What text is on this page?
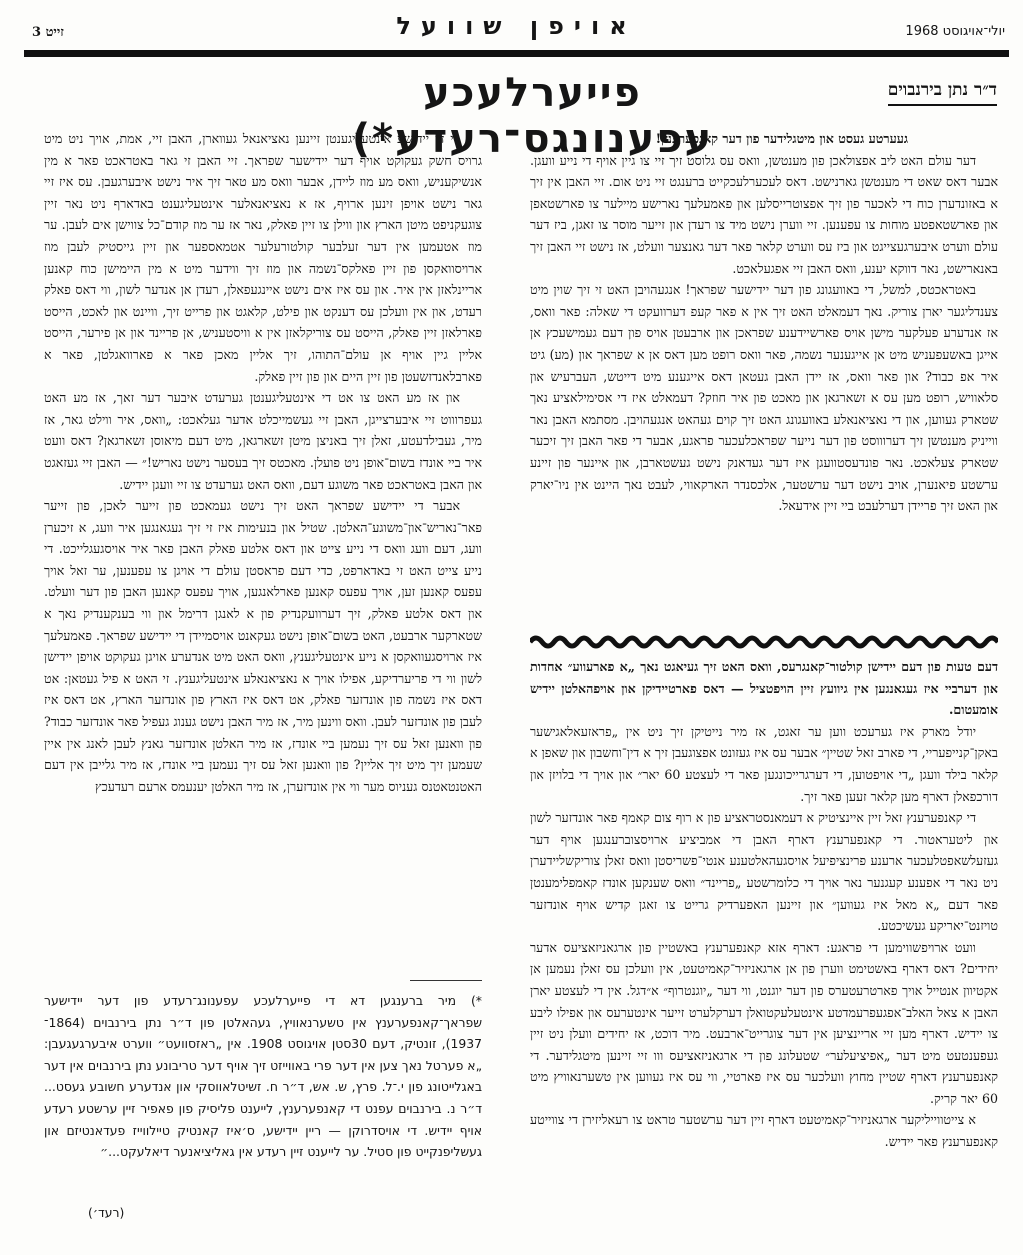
זייט 3	אויפן שוועל	יולי־אויגוסט 1968
ד״ר נתן בירנבוים
פייערלעכע עפענונגס־רעדע*)

געערטע געסט און מיטגלידער פון דער קאנפערענץ!

דער עולם האט ליב אפצולאכן פון מענטשן, וואס עס גלוסט זיך זיי צו גיין אויף די נייע וועגן. אבער דאס שאט די מענטשן גארנישט. דאס לעכערלעכקייט ברענגט זיי ניט אום. זיי האבן אין זיך א באזונדערן כוח די לאכער פון זיך אפצוטרייסלען און פאמעלעך נארישע מיילער צו פארשטאפן און פארשטאפטע מוחות צו עפענען. זיי ווערן נישט מיד צו רעדן און זייער מוסר צו זאגן, ביז דער עולם ווערט איבערגעצייגט און ביז עס ווערט קלאר פאר דער גאנצער וועלט, אז נישט זיי האבן זיך באנארישט, נאר דווקא יענע, וואס האבן זיי אפגעלאכט.

באטראכטס, למשל, די באוועגונג פון דער יידישער שפראך! אנגעהויבן האט זי זיך שוין מיט צענדליגער יארן צוריק. נאך דעמאלט האט זיך אין א פאר קעפ דערוועקט די שאלה: פאר וואס, אז אנדערע פעלקער מישן אויס פארשיידענע שפראכן און ארבעטן אויס פון דעם געמישעכץ אן אייגן באשעפעניש מיט אן אייגענער נשמה, פאר וואס רופט מען דאס אן א שפראך און (מע) גיט איר אפ כבוד? און פאר וואס, אז יידן האבן געטאן דאס אייגענע מיט דייטש, העברעיש און סלאוויש, רופט מען עס א זשארגאן און מאכט פון איר חוזק? דעמאלט איז די אסימילאציע נאך שטארק געווען, און די נאציאנאלע באוועגונג האט זיך קוים געהאט אנגעהויבן. מסתמא האבן נאר ווייניק מענטשן זיך דערוווסט פון דער נייער שפראכלעכער פראגע, אבער די פאר האבן זיך זיכער שטארק צעלאכט. נאר פונדעסטוועגן איז דער געדאנק נישט געשטארבן, און איינער פון זיינע ערשטע פיאנערן, אויב נישט דער ערשטער, אלכסנדר הארקאווי, לעבט נאך היינט אין ניו־יארק און האט זיך פריידן דערלעבט ביי זיין אידעאל.

דעם טעות פון דעם יידישן קולטור־קאנגרעס, וואס האט זיך געיאגט נאך „א פארעווע״ אחדות און דערביי איז געגאנגען אין גיוועץ זיין הויפטציל — דאס פארטיידיקן און אויפהאלטן יידיש אומעטום.

יודל מארק איז גערעכט ווען ער זאגט, אז מיר נייטיקן זיך ניט אין „פראזעאלאגישער באקן־קנייפעריי, די פארב זאל שטיין״ אבער עס איז געזונט אפצוגעבן זיך א דין־וחשבון און שאפן א קלאר בילד וועגן „די אויפטוען, די דערגרייכונגען פאר די לעצטע 60 יאר״ און אויך די בלויזן און דורכפאלן דארף מען קלאר זעען פאר זיך.

די קאנפערענץ זאל זיין איינציטיק א דעמאנסטראציע פון א רוף צום קאמף פאר אונדזער לשון און ליטעראטור. די קאנפערענץ דארף האבן די אמביציע ארויסצוברענגען אויף דער געזעלשאפטלעכער ארענע פרינציפיעל אויסגעהאלטענע אנטי־פשריסטן וואס זאלן צוריקשליידערן ניט נאר די אפענע קעגנער נאר אויך די כלומרשטע „פריינד״ וואס שענקען אונדז קאמפלימענטן פאר דעם „א מאל איז געווען״ און זיינען האפערדיק גרייט צו זאגן קדיש אויף אונדזער טויזנט־יאריקע געשיכטע.

וועט ארויפשווימען די פראגע: דארף אזא קאנפערענץ באשטיין פון ארגאניזאציעס אדער יחידים? דאס דארף באשטימט ווערן פון אן ארגאניזיר־קאמיטעט, אין וועלכן עס זאלן נעמען אן אקטיוון אנטייל אויך פארטרעטערס פון דער יוגנט, ווי דער „יוגנטרוף״ א״דגל. אין די לעצטע יארן האבן א צאל האלב־אפגעפרעמדטע אינטעלעקטואלן דערקלערט זייער אינטערעס און אפילו ליבע צו יידיש. דארף מען זיי אריינציען אין דער צוגרייט־ארבעט. מיר דוכט, אז יחידים וועלן ניט זיין געפענטעט מיט דער „אפיציעלער״ שטעלונג פון די ארגאניזאציעס ווו זיי זיינען מיטגלידער. די קאנפערענץ דארף שטיין מחוץ וועלכער עס איז פארטיי, ווי עס איז געווען אין טשערנאוויץ מיט 60 יאר קריק.

א צייטווייליקער ארגאניזיר־קאמיטעט דארף זיין דער ערשטער טראט צו רעאליזירן די צווייטע קאנפערענץ פאר יידיש.

ווי די יידישע אינטעליגענטן זיינען נאציאנאל געווארן, האבן זיי, אמת, אויך ניט מיט גרויס חשק געקוקט אויף דער יידישער שפראך. זיי האבן זי גאר באטראכט פאר א מין אנשיקעניש, וואס מע מוז ליידן, אבער וואס מע טאר זיך איר נישט איבערגעבן. עס איז זיי גאר נישט אויפן זינען ארויף, אז א נאציאנאלער אינטעליגענט באדארף ניט נאר זיין צוגעקניפט מיטן הארץ און ווילן צו זיין פאלק, נאר אז ער מוז קודם־כל צווישן אים לעבן. ער מוז אטעמען אין דער זעלבער קולטורעלער אטמאספער און זיין גייסטיק לעבן מוז ארויסוואקסן פון זיין פאלקס־נשמה און מוז זיך ווידער מיט א מין היימישן כוח קאנען אריינלאזן אין איר. און עס איז אים נישט איינגעפאלן, רעדן אן אנדער לשון, ווי דאס פאלק רעדט, און אין וועלכן עס דענקט און פילט, קלאגט און פרייט זיך, וויינט און לאכט, הייסט פארלאזן זיין פאלק, הייסט עס צוריקלאזן אין א וויסטעניש, אן פריינד און אן פירער, הייסט אליין גיין אויף אן עולם־התוהו, זיך אליין מאכן פאר א פארוואגלטן, פאר א פארבלאנדזשעטן פון זיין היים און פון זיין פאלק.

און אז מע האט צו אט די אינטעליגענטן גערעדט איבער דער זאך, אז מע האט געפרוווט זיי איבערצייגן, האבן זיי געשמייכלט אדער געלאכט: „וואס, איר ווילט גאר, אז מיר, געבילדעטע, זאלן זיך באניצן מיטן זשארגאן, מיט דעם מיאוסן זשארגאן? דאס וועט איר ביי אונדז בשום־אופן ניט פועלן. מאכטס זיך בעסער נישט נאריש!״ — האבן זיי געזאגט און האבן באטראכט פאר משוגע דעם, וואס האט גערעדט צו זיי וועגן יידיש.

אבער די יידישע שפראך האט זיך נישט געמאכט פון זייער לאכן, פון זייער פאר־נאריש־און־משוגע־האלטן. שטיל און בנעימות איז זי זיך געגאנגען איר וועג, א זיכערן וועג, דעם וועג וואס די נייע צייט און דאס אלטע פאלק האבן פאר איר אויסגעגלייכט. די נייע צייט האט זי באדארפט, כדי דעם פראסטן עולם די אויגן צו עפענען, ער זאל אויך עפעס קאנען זען, אויך עפעס קאנען פארלאנגען, אויך עפעס קאנען האבן פון דער וועלט. און דאס אלטע פאלק, זיך דערוועקנדיק פון א לאנגן דרימל און ווי בענקענדיק נאך א שטארקער ארבעט, האט בשום־אופן נישט געקאנט אויסמיידן די יידישע שפראך. פאמעלעך איז ארויסגעוואקסן א נייע אינטעליגענץ, וואס האט מיט אנדערע אויגן געקוקט אויפן יידישן לשון ווי די פריערדיקע, אפילו אויך א נאציאנאלע אינטעליגענץ. זי האט א פיל געטאן: אט דאס איז נשמה פון אונדזער פאלק, אט דאס איז הארץ פון אונדזער הארץ, אט דאס איז לעבן פון אונדזער לעבן. וואס ווינען מיר, אז מיר האבן נישט גענוג געפיל פאר אונדזער כבוד? פון וואנען זאל עס זיך נעמען ביי אונדז, אז מיר האלטן אונדזער גאנץ לעבן לאנג אין איין שעמען זיך מיט זיך אליין? פון וואנען זאל עס זיך נעמען ביי אונדז, אז מיר גלייבן אין דעם האטנטאטנס געניוס מער ווי אין אונדזערן, אז מיר האלטן יענעמס ארעם רעדעכץ

*) מיר ברענגען דא די פייערלעכע עפענונג־רעדע פון דער יידישער שפראך־קאנפערענץ אין טשערנאוויץ, געהאלטן פון ד״ר נתן בירנבוים (1864־1937), זונטיק, דעם 30סטן אויגוסט 1908. אין „ראזסוועט״ ווערט איבערגעגעבן: „א פערטל נאך צען אין דער פרי באווייזט זיך אויף דער טריבונע נתן בירנבוים אין דער באגלייטונג פון י.־ל. פרץ, ש. אש, ד״ר ח. זשיטלאווסקי און אנדערע חשובע געסט... ד״ר נ. בירנבוים עפנט די קאנפערענץ, לייענט פליסיק פון פאפיר זיין ערשטע רעדע אויף יידיש. די אויסדרוקן — ריין יידישע, ס׳איז קאנטיק טיילווייז פעדאנטיזם און געשליפנקייט פון סטיל. ער לייענט זיין רעדע אין גאליציאנער דיאלעקט...״

(רעד׳)
